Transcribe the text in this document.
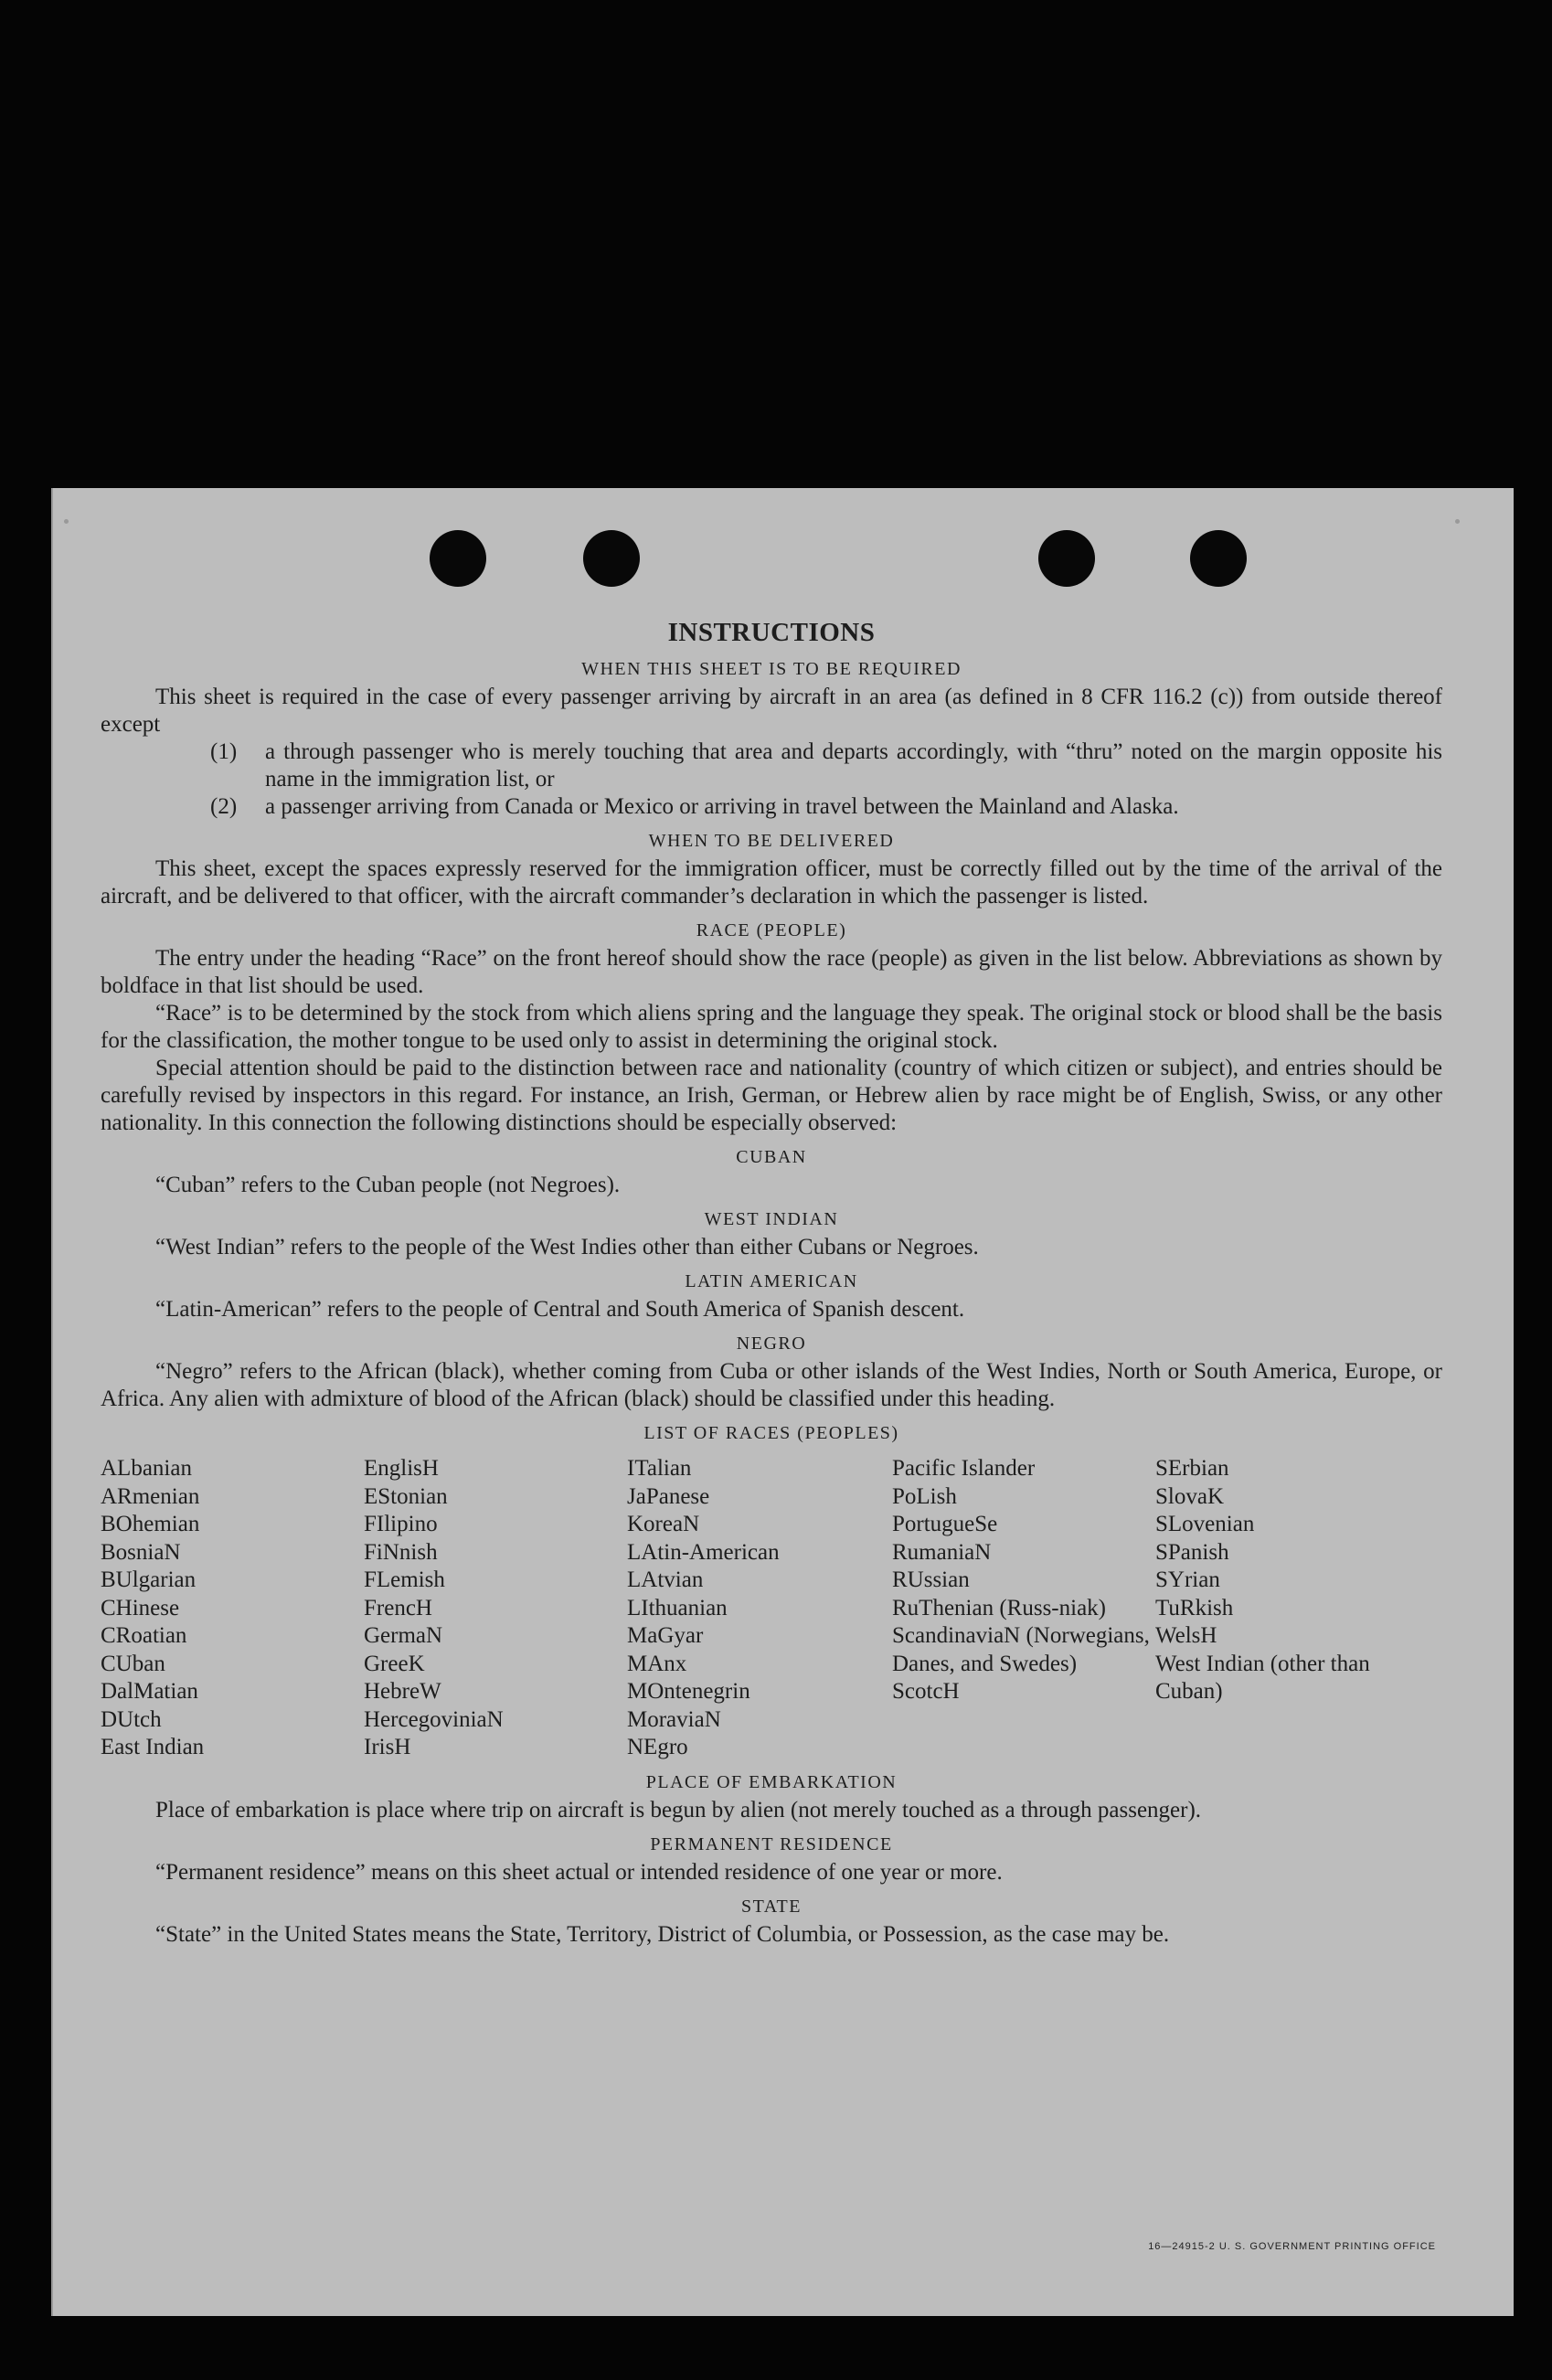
INSTRUCTIONS
WHEN THIS SHEET IS TO BE REQUIRED

This sheet is required in the case of every passenger arriving by aircraft in an area (as defined in 8 CFR 116.2 (c)) from outside thereof except

(1) a through passenger who is merely touching that area and departs accordingly, with “thru” noted on the margin opposite his name in the immigration list, or
(2) a passenger arriving from Canada or Mexico or arriving in travel between the Mainland and Alaska.
WHEN TO BE DELIVERED

This sheet, except the spaces expressly reserved for the immigration officer, must be correctly filled out by the time of the arrival of the aircraft, and be delivered to that officer, with the aircraft commander’s declaration in which the passenger is listed.

RACE (PEOPLE)

The entry under the heading “Race” on the front hereof should show the race (people) as given in the list below. Abbreviations as shown by boldface in that list should be used.

“Race” is to be determined by the stock from which aliens spring and the language they speak. The original stock or blood shall be the basis for the classification, the mother tongue to be used only to assist in determining the original stock.

Special attention should be paid to the distinction between race and nationality (country of which citizen or subject), and entries should be carefully revised by inspectors in this regard. For instance, an Irish, German, or Hebrew alien by race might be of English, Swiss, or any other nationality. In this connection the following distinctions should be especially observed:

CUBAN

“Cuban” refers to the Cuban people (not Negroes).

WEST INDIAN

“West Indian” refers to the people of the West Indies other than either Cubans or Negroes.

LATIN AMERICAN

“Latin-American” refers to the people of Central and South America of Spanish descent.

NEGRO

“Negro” refers to the African (black), whether coming from Cuba or other islands of the West Indies, North or South America, Europe, or Africa. Any alien with admixture of blood of the African (black) should be classified under this heading.

LIST OF RACES (PEOPLES)
ALbanian
ARmenian
BOhemian
BosniaN
BUlgarian
CHinese
CRoatian
CUban
DalMatian
DUtch
East Indian
EnglisH
EStonian
FIlipino
FiNnish
FLemish
FrencH
GermaN
GreeK
HebreW
HercegoviniaN
IrisH
ITalian
JaPanese
KoreaN
LAtin-American
LAtvian
LIthuanian
MaGyar
MAnx
MOntenegrin
MoraviaN
NEgro
Pacific Islander
PoLish
PortugueSe
RumaniaN
RUssian
RuThenian (Russ-niak)
ScandinaviaN (Norwegians, Danes, and Swedes)
ScotcH
SErbian
SlovaK
SLovenian
SPanish
SYrian
TuRkish
WelsH
West Indian (other than Cuban)
PLACE OF EMBARKATION

Place of embarkation is place where trip on aircraft is begun by alien (not merely touched as a through passenger).

PERMANENT RESIDENCE

“Permanent residence” means on this sheet actual or intended residence of one year or more.

STATE

“State” in the United States means the State, Territory, District of Columbia, or Possession, as the case may be.

16—24915-2 U. S. GOVERNMENT PRINTING OFFICE
